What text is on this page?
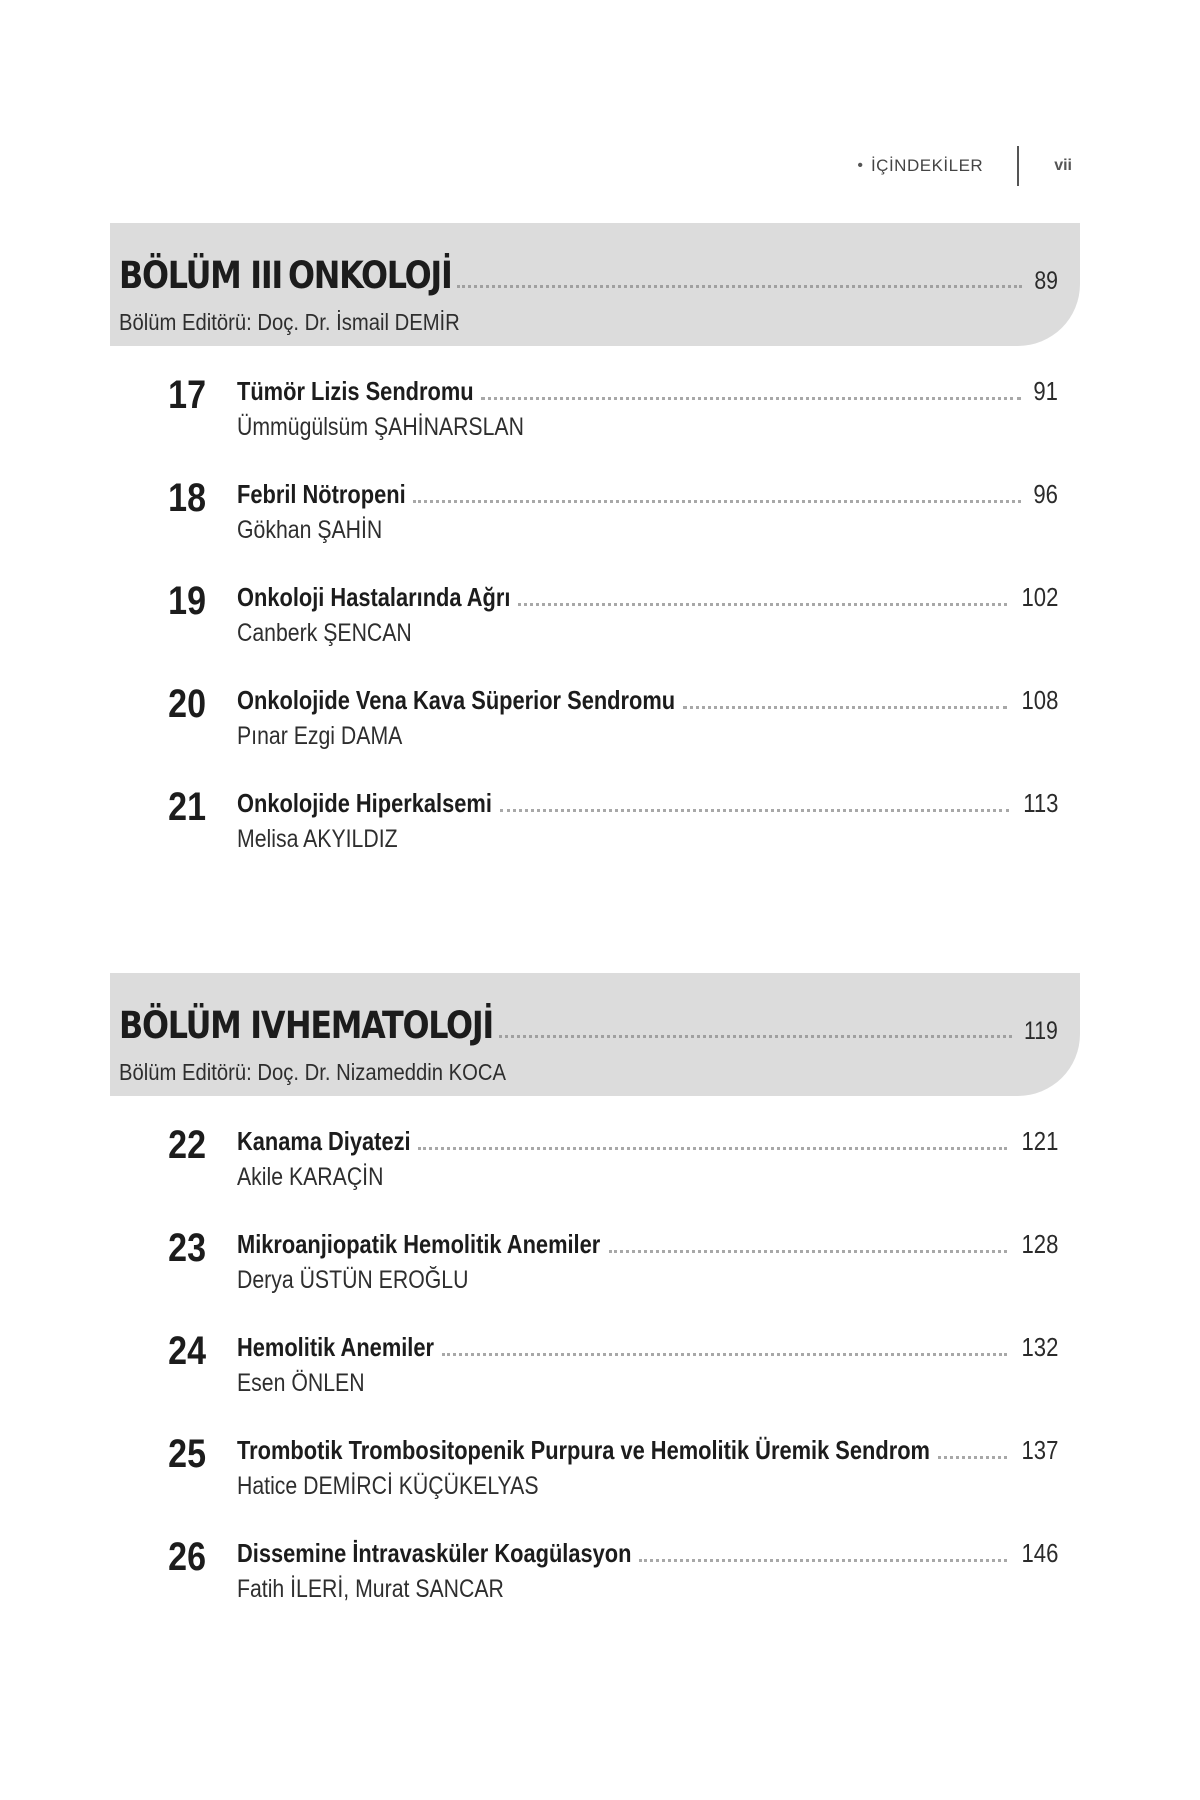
• İÇİNDEKİLER	vii
BÖLÜM III ONKOLOJİ	89
Bölüm Editörü: Doç. Dr. İsmail DEMİR
17 Tümör Lizis Sendromu	91
Ümmügülsüm ŞAHİNARSLAN
18 Febril Nötropeni	96
Gökhan ŞAHİN
19 Onkoloji Hastalarında Ağrı	102
Canberk ŞENCAN
20 Onkolojide Vena Kava Süperior Sendromu	108
Pınar Ezgi DAMA
21 Onkolojide Hiperkalsemi	113
Melisa AKYILDIZ
BÖLÜM IV HEMATOLOJİ	119
Bölüm Editörü: Doç. Dr. Nizameddin KOCA
22 Kanama Diyatezi	121
Akile KARAÇİN
23 Mikroanjiopatik Hemolitik Anemiler	128
Derya ÜSTÜN EROĞLU
24 Hemolitik Anemiler	132
Esen ÖNLEN
25 Trombotik Trombositopenik Purpura ve Hemolitik Üremik Sendrom	137
Hatice DEMİRCİ KÜÇÜKELYAS
26 Dissemine İntravasküler Koagülasyon	146
Fatih İLERİ, Murat SANCAR
